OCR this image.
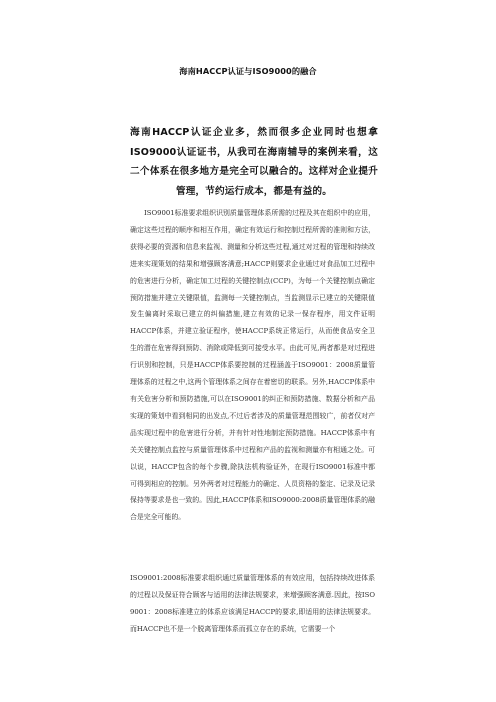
海南HACCP认证与ISO9000的融合
海南HACCP认证企业多，然而很多企业同时也想拿ISO9000认证证书，从我司在海南辅导的案例来看，这二个体系在很多地方是完全可以融合的。这样对企业提升管理，节约运行成本，都是有益的。

ISO9001标准要求组织识别质量管理体系所需的过程及其在组织中的应用，确定这些过程的顺序和相互作用，确定有效运行和控制过程所需的准则和方法，获得必要的资源和信息来监视、测量和分析这些过程,通过对过程的管理和持续改进来实现策划的结果和增强顾客满意;HACCP则要求企业通过对食品加工过程中的危害进行分析，确定加工过程的关键控制点(CCP)，为每一个关键控制点确定预防措施并建立关键限值，监测每一关键控制点，当监测显示已建立的关键限值发生偏离时采取已建立的纠偏措施,建立有效的记录一保存程序，用文件证明HACCP体系，并建立验证程序，使HACCP系统正常运行，从而使食品安全卫生的潜在危害得到预防、消除或降低到可接受水平。由此可见,两者都是对过程进行识别和控制，只是HACCP体系要控制的过程涵盖于ISO9001：2008质量管理体系的过程之中,这两个管理体系之间存在着密切的联系。另外,HACCP体系中有关危害分析和预防措施,可以在ISO9001的纠正和预防措施、数据分析和产品实现的策划中看到相同的出发点,不过后者涉及的质量管理范围较广，前者仅对产品实现过程中的危害进行分析，并有针对性地制定预防措施。HACCP体系中有关关键控制点监控与质量管理体系中过程和产品的监视和测量亦有相通之处。可以说，HACCP包含的每个步骤,除执法机构验证外，在现行ISO9001标准中都可得到相应的控制。另外两者对过程能力的确定、人员资格的鉴定、记录及记录保持等要求是也一致的。因此,HACCP体系和ISO9000:2008质量管理体系的融合是完全可能的。

ISO9001:2008标准要求组织通过质量管理体系的有效应用，包括持续改进体系的过程以及保证符合顾客与适用的法律法规要求，来增强顾客满意.因此，按ISO 9001：2008标准建立的体系应该满足HACCP的要求,即适用的法律法规要求。而HACCP也不是一个脱离管理体系而孤立存在的系统，它需要一个
